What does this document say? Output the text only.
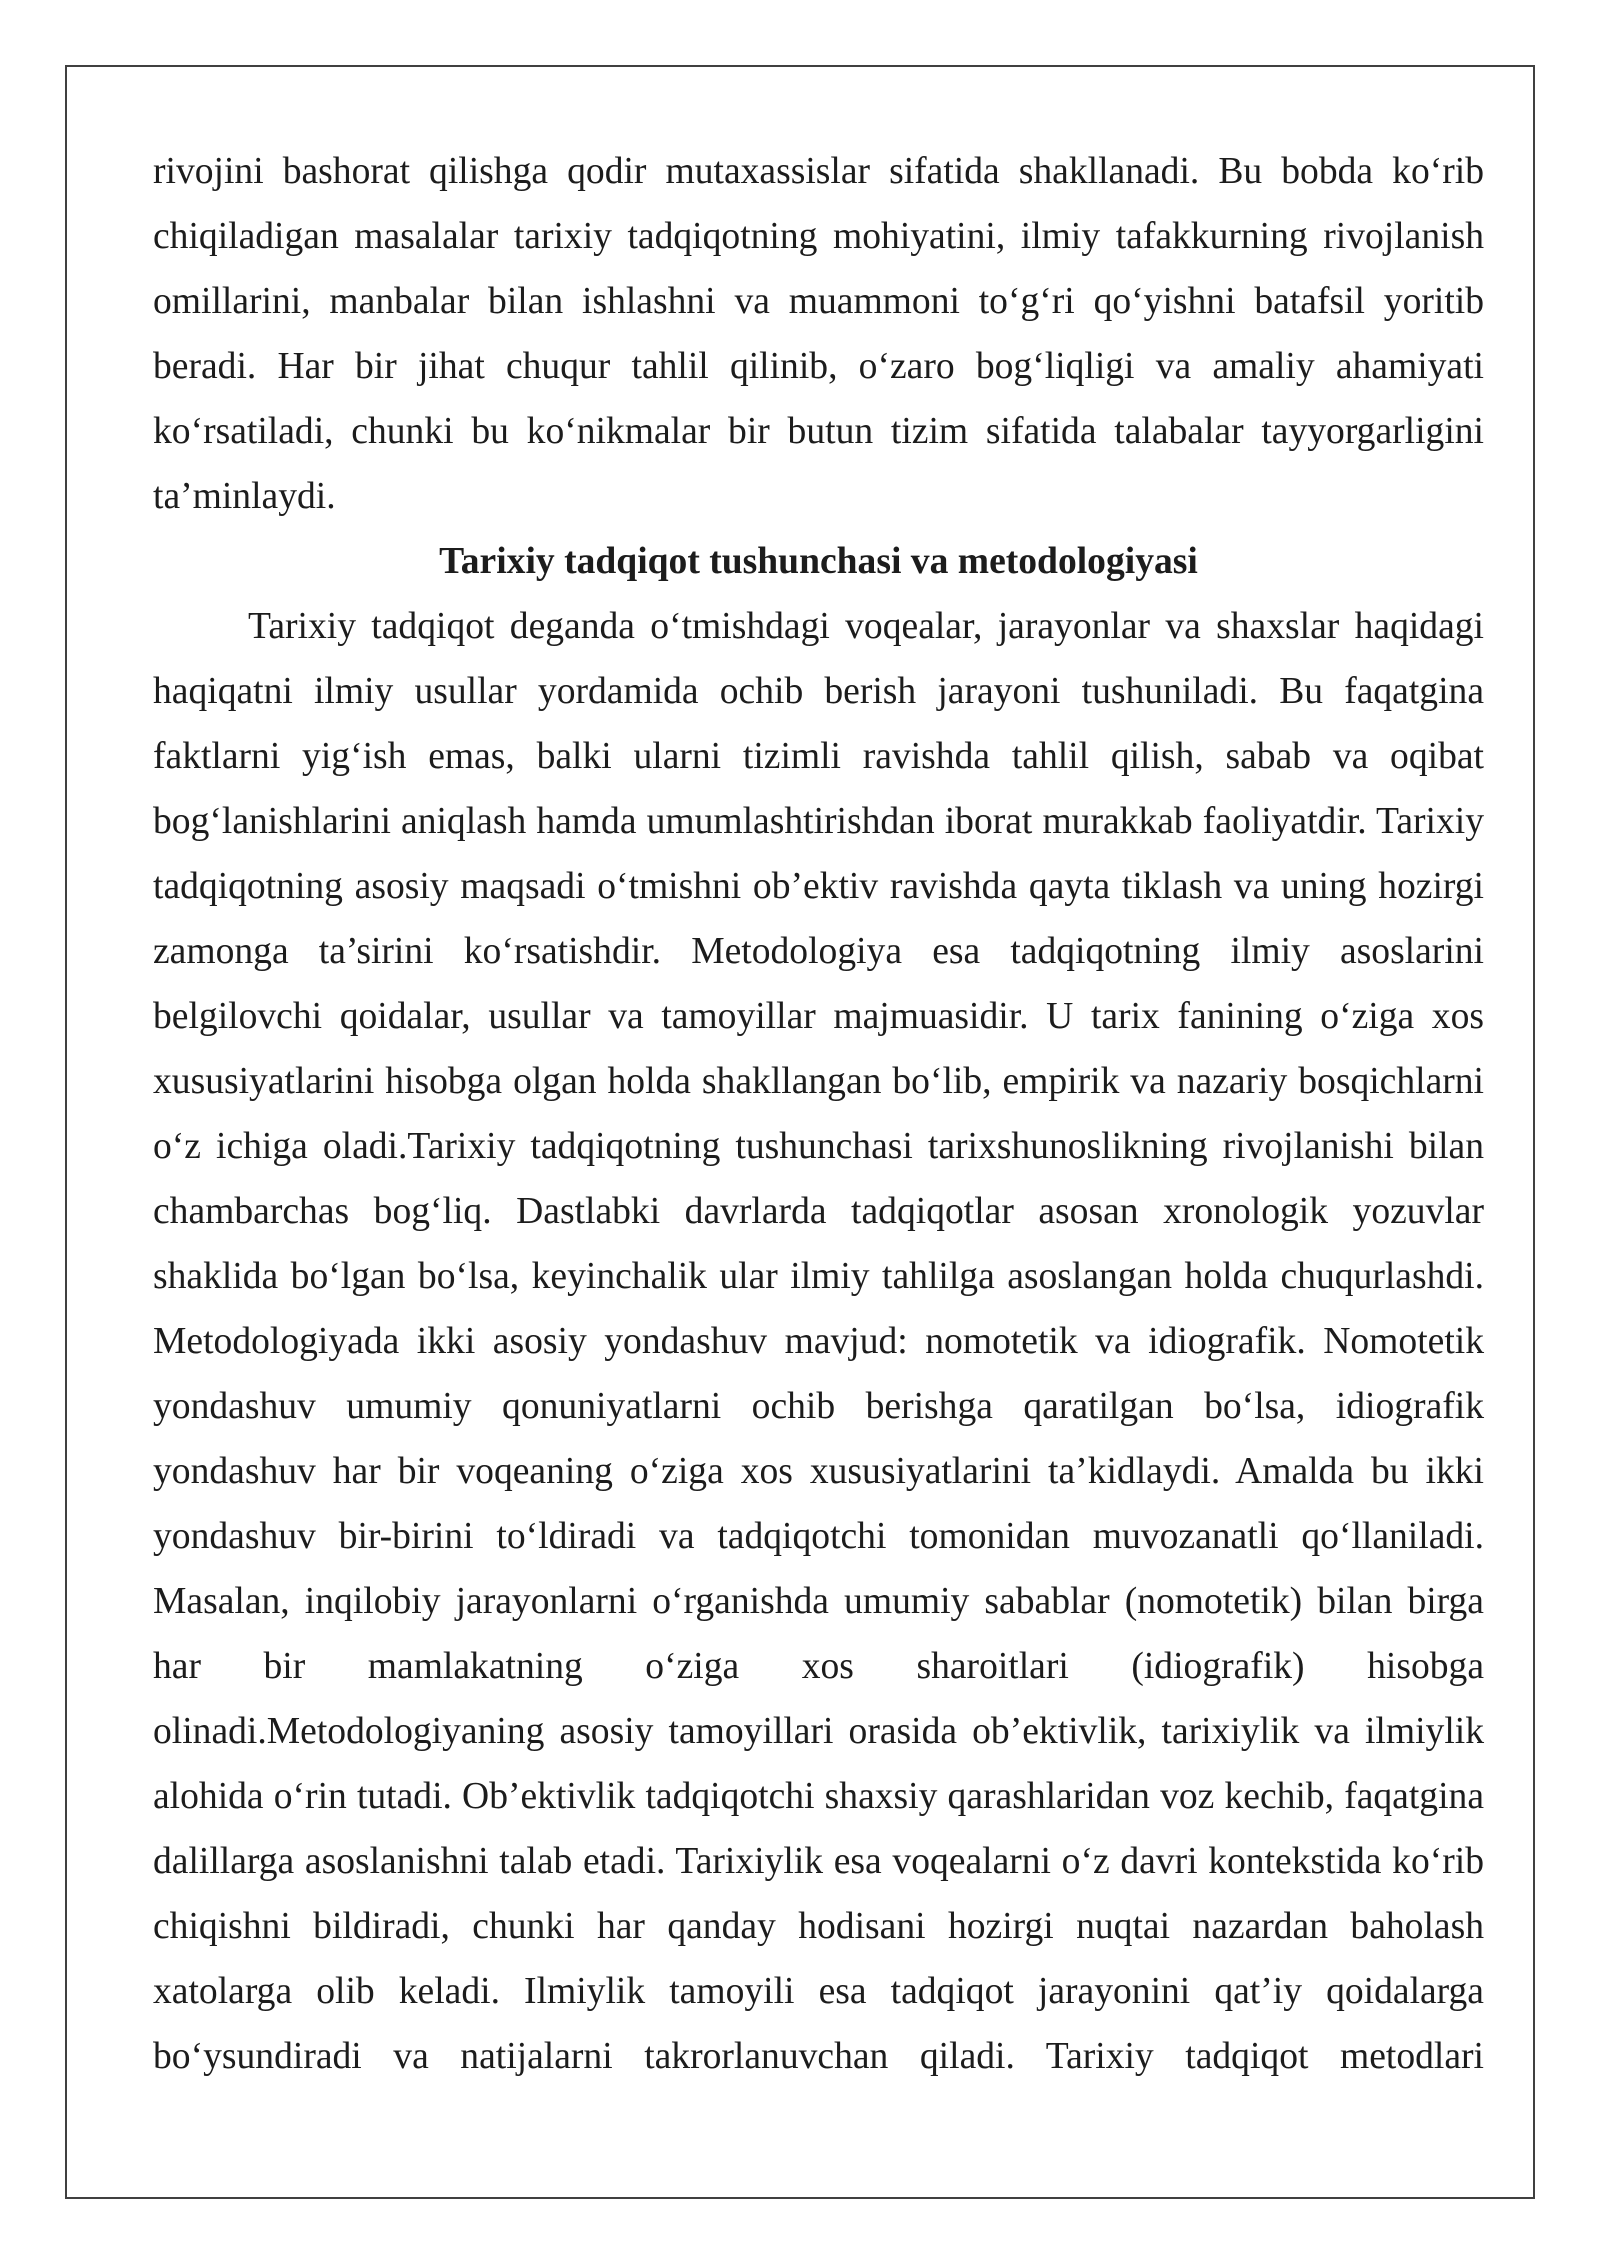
rivojini bashorat qilishga qodir mutaxassislar sifatida shakllanadi. Bu bobda ko‘rib
chiqiladigan masalalar tarixiy tadqiqotning mohiyatini, ilmiy tafakkurning rivojlanish
omillarini, manbalar bilan ishlashni va muammoni to‘g‘ri qo‘yishni batafsil yoritib
beradi. Har bir jihat chuqur tahlil qilinib, o‘zaro bog‘liqligi va amaliy ahamiyati
ko‘rsatiladi, chunki bu ko‘nikmalar bir butun tizim sifatida talabalar tayyorgarligini
ta’minlaydi.
Tarixiy tadqiqot tushunchasi va metodologiyasi
Tarixiy tadqiqot deganda o‘tmishdagi voqealar, jarayonlar va shaxslar haqidagi
haqiqatni ilmiy usullar yordamida ochib berish jarayoni tushuniladi. Bu faqatgina
faktlarni yig‘ish emas, balki ularni tizimli ravishda tahlil qilish, sabab va oqibat
bog‘lanishlarini aniqlash hamda umumlashtirishdan iborat murakkab faoliyatdir. Tarixiy
tadqiqotning asosiy maqsadi o‘tmishni ob’ektiv ravishda qayta tiklash va uning hozirgi
zamonga ta’sirini ko‘rsatishdir. Metodologiya esa tadqiqotning ilmiy asoslarini
belgilovchi qoidalar, usullar va tamoyillar majmuasidir. U tarix fanining o‘ziga xos
xususiyatlarini hisobga olgan holda shakllangan bo‘lib, empirik va nazariy bosqichlarni
o‘z ichiga oladi.Tarixiy tadqiqotning tushunchasi tarixshunoslikning rivojlanishi bilan
chambarchas bog‘liq. Dastlabki davrlarda tadqiqotlar asosan xronologik yozuvlar
shaklida bo‘lgan bo‘lsa, keyinchalik ular ilmiy tahlilga asoslangan holda chuqurlashdi.
Metodologiyada ikki asosiy yondashuv mavjud: nomotetik va idiografik. Nomotetik
yondashuv umumiy qonuniyatlarni ochib berishga qaratilgan bo‘lsa, idiografik
yondashuv har bir voqeaning o‘ziga xos xususiyatlarini ta’kidlaydi. Amalda bu ikki
yondashuv bir-birini to‘ldiradi va tadqiqotchi tomonidan muvozanatli qo‘llaniladi.
Masalan, inqilobiy jarayonlarni o‘rganishda umumiy sabablar (nomotetik) bilan birga
har bir mamlakatning o‘ziga xos sharoitlari (idiografik) hisobga
olinadi.Metodologiyaning asosiy tamoyillari orasida ob’ektivlik, tarixiylik va ilmiylik
alohida o‘rin tutadi. Ob’ektivlik tadqiqotchi shaxsiy qarashlaridan voz kechib, faqatgina
dalillarga asoslanishni talab etadi. Tarixiylik esa voqealarni o‘z davri kontekstida ko‘rib
chiqishni bildiradi, chunki har qanday hodisani hozirgi nuqtai nazardan baholash
xatolarga olib keladi. Ilmiylik tamoyili esa tadqiqot jarayonini qat’iy qoidalarga
bo‘ysundiradi va natijalarni takrorlanuvchan qiladi. Tarixiy tadqiqot metodlari
